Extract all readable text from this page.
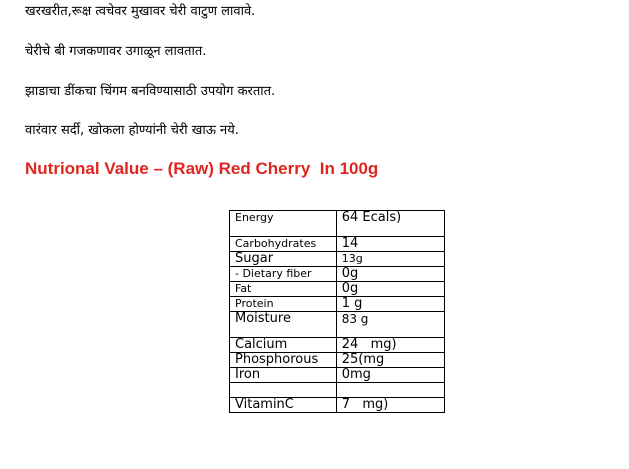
खरखरीत,रूक्ष त्वचेवर मुखावर चेरी वाटुण लावावे.

चेरीचे बी गजकणावर उगाळून लावतात.

झाडाचा डींकचा चिंगम बनविण्यासाठी उपयोग करतात.

वारंवार सर्दी, खोकला होण्यांनी चेरी खाऊ नये.

Nutrional Value – (Raw) Red Cherry  In 100g
Energy	64 Ecals)
Carbohydrates	14
Sugar	13g
- Dietary fiber	0g
Fat	0g
Protein	1 g
Moisture	83 g
Calcium	24   mg)
Phosphorous	25(mg
Iron	0mg

VitaminC	7   mg)
